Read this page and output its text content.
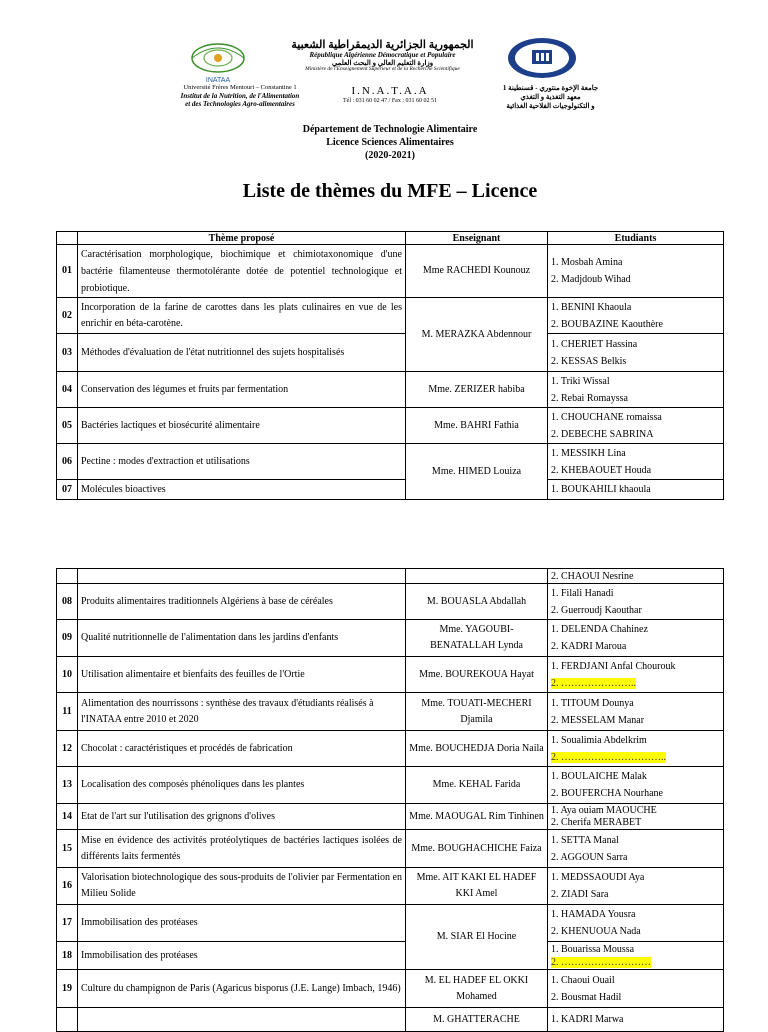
INATAA
Université Frères Mentouri – Constantine 1
Institut de la Nutrition, de l'Alimentation
et des Technologies Agro-alimentaires
الجمهورية الجزائرية الديمقراطية الشعبية
République Algérienne Démocratique et Populaire
وزارة التعليم العالي و البحث العلمي
Ministère de l'Enseignement Supérieur et de la Recherche Scientifique
I.N.A.T.A.A
Tél : 031 60 02 47 / Fax : 031 60 02 51
جامعة الإخوة منتوري - قسنطينة 1
معهد التغذية و التغذي
و التكنولوجيات الفلاحية الغذائية
Département de Technologie Alimentaire
Licence Sciences Alimentaires
(2020-2021)
Liste de thèmes du MFE – Licence
	Thème proposé	Enseignant	Etudiants
01	Caractérisation morphologique, biochimique et chimiotaxonomique d'une bactérie filamenteuse thermotolérante dotée de potentiel technologique et probiotique.	Mme RACHEDI Kounouz	1. Mosbah Amina
2. Madjdoub Wihad

02	Incorporation de la farine de carottes dans les plats culinaires en vue de les enrichir en béta-carotène.	M. MERAZKA Abdennour	1. BENINI Khaoula
2. BOUBAZINE Kaouthère

03	Méthodes d'évaluation de l'état nutritionnel des sujets hospitalisés		1. CHERIET Hassina
2. KESSAS Belkis

04	Conservation des légumes et fruits par fermentation	Mme. ZERIZER habiba	1. Triki Wissal
2. Rebai Romayssa

05	Bactéries lactiques et biosécurité alimentaire	Mme. BAHRI Fathia	1. CHOUCHANE romaissa
2. DEBECHE SABRINA

06	Pectine : modes d'extraction et utilisations	Mme. HIMED Louiza	1. MESSIKH Lina
2. KHEBAOUET Houda

07	Molécules bioactives		1. BOUKAHILI khaoula

			2. CHAOUI Nesrine

08	Produits alimentaires traditionnels Algériens à base de céréales	M. BOUASLA Abdallah	1. Filali Hanadi
2. Guerroudj Kaouthar

09	Qualité nutritionnelle de l'alimentation dans les jardins d'enfants	Mme. YAGOUBI-BENATALLAH Lynda	1. DELENDA Chahinez
2. KADRI Maroua

10	Utilisation alimentaire et bienfaits des feuilles de l'Ortie	Mme. BOUREKOUA Hayat	1. FERDJANI Anfal Chourouk
2. …………………..

11	Alimentation des nourrissons : synthèse des travaux d'étudiants réalisés à l'INATAA entre 2010 et 2020	Mme. TOUATI-MECHERI Djamila	1. TITOUM Dounya
2. MESSELAM Manar

12	Chocolat : caractéristiques et procédés de fabrication	Mme. BOUCHEDJA Doria Naila	1. Soualimia Abdelkrim
2. …………………………..

13	Localisation des composés phénoliques dans les plantes	Mme. KEHAL Farida	1. BOULAICHE Malak
2. BOUFERCHA Nourhane

14	Etat de l'art sur l'utilisation des grignons d'olives	Mme. MAOUGAL Rim Tinhinen	1. Aya ouiam MAOUCHE
2. Cherifa MERABET

15	Mise en évidence des activités protéolytiques de bactéries lactiques isolées de différents laits fermentés	Mme. BOUGHACHICHE Faiza	1. SETTA Manal
2. AGGOUN Sarra

16	Valorisation biotechnologique des sous-produits de l'olivier par Fermentation en Milieu Solide	Mme. AIT KAKI EL HADEF KKI Amel	1. MEDSSAOUDI Aya
2. ZIADI Sara

17	Immobilisation des protéases	M. SIAR El Hocine	1. HAMADA Yousra
2. KHENUOUA Nada

18	Immobilisation des protéases		1. Bouarissa Moussa
2. ………………………

19	Culture du champignon de Paris (Agaricus bisporus (J.E. Lange) Imbach, 1946)	M. EL HADEF EL OKKI Mohamed	1. Chaoui Ouail
2. Bousmat Hadil

		M. GHATTERACHE	1. KADRI Marwa
